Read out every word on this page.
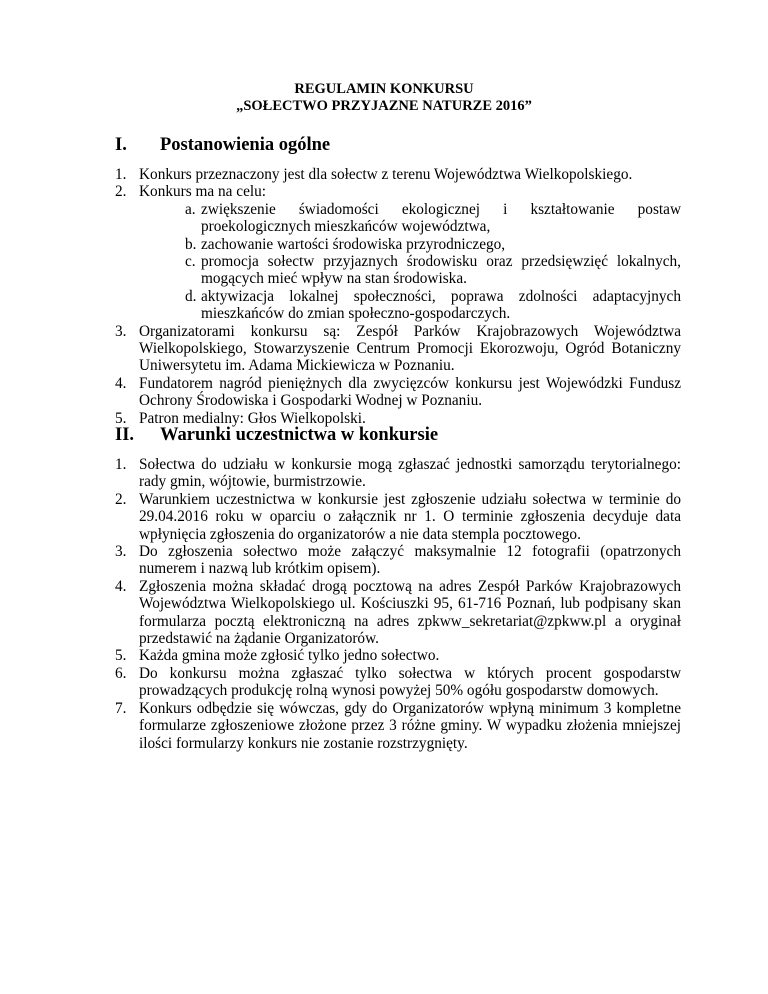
REGULAMIN KONKURSU
„SOŁECTWO PRZYJAZNE NATURZE 2016”
I. Postanowienia ogólne
1. Konkurs przeznaczony jest dla sołectw z terenu Województwa Wielkopolskiego.
2. Konkurs ma na celu:
a. zwiększenie świadomości ekologicznej i kształtowanie postaw proekologicznych mieszkańców województwa,
b. zachowanie wartości środowiska przyrodniczego,
c. promocja sołectw przyjaznych środowisku oraz przedsięwzięć lokalnych, mogących mieć wpływ na stan środowiska.
d. aktywizacja lokalnej społeczności, poprawa zdolności adaptacyjnych mieszkańców do zmian społeczno-gospodarczych.
3. Organizatorami konkursu są: Zespół Parków Krajobrazowych Województwa Wielkopolskiego, Stowarzyszenie Centrum Promocji Ekorozwoju, Ogród Botaniczny Uniwersytetu im. Adama Mickiewicza w Poznaniu.
4. Fundatorem nagród pieniężnych dla zwycięzców konkursu jest Wojewódzki Fundusz Ochrony Środowiska i Gospodarki Wodnej w Poznaniu.
5. Patron medialny: Głos Wielkopolski.
II. Warunki uczestnictwa w konkursie
1. Sołectwa do udziału w konkursie mogą zgłaszać jednostki samorządu terytorialnego: rady gmin, wójtowie, burmistrzowie.
2. Warunkiem uczestnictwa w konkursie jest zgłoszenie udziału sołectwa w terminie do 29.04.2016 roku w oparciu o załącznik nr 1. O terminie zgłoszenia decyduje data wpłynięcia zgłoszenia do organizatorów a nie data stempla pocztowego.
3. Do zgłoszenia sołectwo może załączyć maksymalnie 12 fotografii (opatrzonych numerem i nazwą lub krótkim opisem).
4. Zgłoszenia można składać drogą pocztową na adres Zespół Parków Krajobrazowych Województwa Wielkopolskiego ul. Kościuszki 95, 61-716 Poznań, lub podpisany skan formularza pocztą elektroniczną na adres zpkww_sekretariat@zpkww.pl a oryginał przedstawić na żądanie Organizatorów.
5. Każda gmina może zgłosić tylko jedno sołectwo.
6. Do konkursu można zgłaszać tylko sołectwa w których procent gospodarstw prowadzących produkcję rolną wynosi powyżej 50% ogółu gospodarstw domowych.
7. Konkurs odbędzie się wówczas, gdy do Organizatorów wpłyną minimum 3 kompletne formularze zgłoszeniowe złożone przez 3 różne gminy. W wypadku złożenia mniejszej ilości formularzy konkurs nie zostanie rozstrzygnięty.
